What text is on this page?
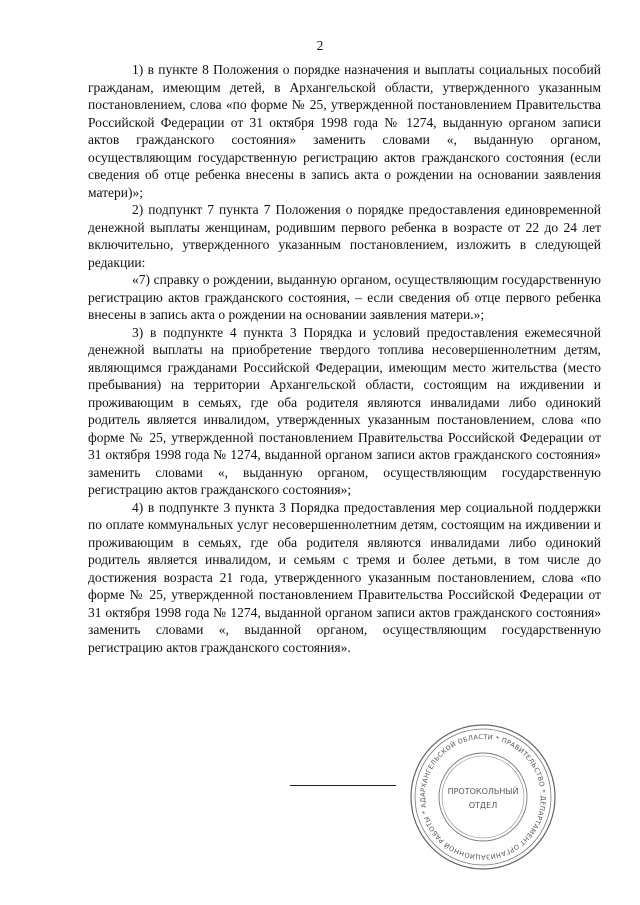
2

1) в пункте 8 Положения о порядке назначения и выплаты социальных пособий гражданам, имеющим детей, в Архангельской области, утвержденного указанным постановлением, слова «по форме № 25, утвержденной постановлением Правительства Российской Федерации от 31 октября 1998 года № 1274, выданную органом записи актов гражданского состояния» заменить словами «, выданную органом, осуществляющим государственную регистрацию актов гражданского состояния (если сведения об отце ребенка внесены в запись акта о рождении на основании заявления матери)»;

2) подпункт 7 пункта 7 Положения о порядке предоставления единовременной денежной выплаты женщинам, родившим первого ребенка в возрасте от 22 до 24 лет включительно, утвержденного указанным постановлением, изложить в следующей редакции:

«7) справку о рождении, выданную органом, осуществляющим государственную регистрацию актов гражданского состояния, – если сведения об отце первого ребенка внесены в запись акта о рождении на основании заявления матери.»;

3) в подпункте 4 пункта 3 Порядка и условий предоставления ежемесячной денежной выплаты на приобретение твердого топлива несовершеннолетним детям, являющимся гражданами Российской Федерации, имеющим место жительства (место пребывания) на территории Архангельской области, состоящим на иждивении и проживающим в семьях, где оба родителя являются инвалидами либо одинокий родитель является инвалидом, утвержденных указанным постановлением, слова «по форме № 25, утвержденной постановлением Правительства Российской Федерации от 31 октября 1998 года № 1274, выданной органом записи актов гражданского состояния» заменить словами «, выданную органом, осуществляющим государственную регистрацию актов гражданского состояния»;

4) в подпункте 3 пункта 3 Порядка предоставления мер социальной поддержки по оплате коммунальных услуг несовершеннолетним детям, состоящим на иждивении и проживающим в семьях, где оба родителя являются инвалидами либо одинокий родитель является инвалидом, и семьям с тремя и более детьми, в том числе до достижения возраста 21 года, утвержденного указанным постановлением, слова «по форме № 25, утвержденной постановлением Правительства Российской Федерации от 31 октября 1998 года № 1274, выданной органом записи актов гражданского состояния» заменить словами «, выданной органом, осуществляющим государственную регистрацию актов гражданского состояния».

АРХАНГЕЛЬСКОЙ ОБЛАСТИ * ПРАВИТЕЛЬСТВО * ДЕПАРТАМЕНТ ОРГАНИЗАЦИОННОЙ РАБОТЫ * АД
ПРОТОКОЛЬНЫЙ
ОТДЕЛ
